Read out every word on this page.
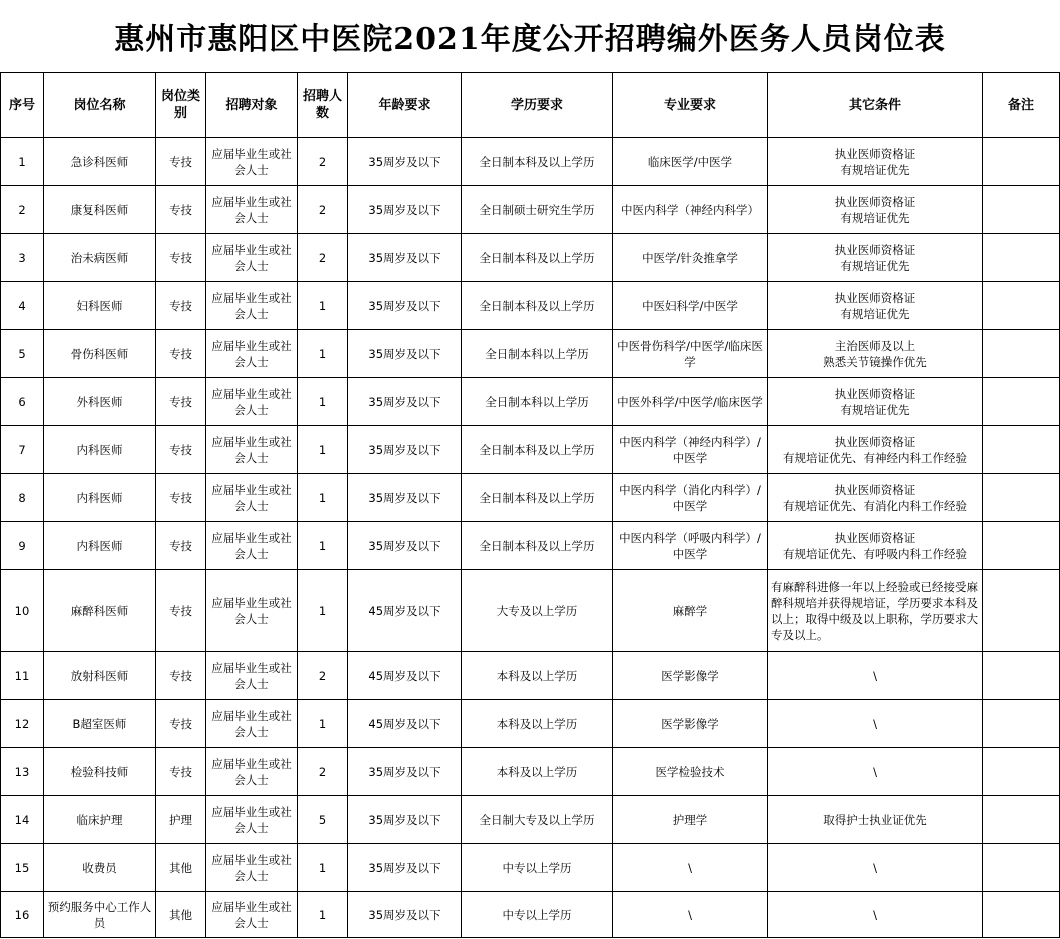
惠州市惠阳区中医院2021年度公开招聘编外医务人员岗位表
序号	岗位名称	岗位类别	招聘对象	招聘人数	年龄要求	学历要求	专业要求	其它条件	备注
1	急诊科医师	专技	应届毕业生或社会人士	2	35周岁及以下	全日制本科及以上学历	临床医学/中医学	执业医师资格证
有规培证优先	

2	康复科医师	专技	应届毕业生或社会人士	2	35周岁及以下	全日制硕士研究生学历	中医内科学（神经内科学）	执业医师资格证
有规培证优先	

3	治未病医师	专技	应届毕业生或社会人士	2	35周岁及以下	全日制本科及以上学历	中医学/针灸推拿学	执业医师资格证
有规培证优先	

4	妇科医师	专技	应届毕业生或社会人士	1	35周岁及以下	全日制本科及以上学历	中医妇科学/中医学	执业医师资格证
有规培证优先	

5	骨伤科医师	专技	应届毕业生或社会人士	1	35周岁及以下	全日制本科以上学历	中医骨伤科学/中医学/临床医学	主治医师及以上
熟悉关节镜操作优先	

6	外科医师	专技	应届毕业生或社会人士	1	35周岁及以下	全日制本科以上学历	中医外科学/中医学/临床医学	执业医师资格证
有规培证优先	

7	内科医师	专技	应届毕业生或社会人士	1	35周岁及以下	全日制本科及以上学历	中医内科学（神经内科学）/中医学	执业医师资格证
有规培证优先、有神经内科工作经验	

8	内科医师	专技	应届毕业生或社会人士	1	35周岁及以下	全日制本科及以上学历	中医内科学（消化内科学）/中医学	执业医师资格证
有规培证优先、有消化内科工作经验	

9	内科医师	专技	应届毕业生或社会人士	1	35周岁及以下	全日制本科及以上学历	中医内科学（呼吸内科学）/中医学	执业医师资格证
有规培证优先、有呼吸内科工作经验	

10	麻醉科医师	专技	应届毕业生或社会人士	1	45周岁及以下	大专及以上学历	麻醉学	有麻醉科进修一年以上经验或已经接受麻醉科规培并获得规培证，学历要求本科及以上；取得中级及以上职称，学历要求大专及以上。	

11	放射科医师	专技	应届毕业生或社会人士	2	45周岁及以下	本科及以上学历	医学影像学	\	

12	B超室医师	专技	应届毕业生或社会人士	1	45周岁及以下	本科及以上学历	医学影像学	\	

13	检验科技师	专技	应届毕业生或社会人士	2	35周岁及以下	本科及以上学历	医学检验技术	\	

14	临床护理	护理	应届毕业生或社会人士	5	35周岁及以下	全日制大专及以上学历	护理学	取得护士执业证优先	

15	收费员	其他	应届毕业生或社会人士	1	35周岁及以下	中专以上学历	\	\	

16	预约服务中心工作人员	其他	应届毕业生或社会人士	1	35周岁及以下	中专以上学历	\	\	
